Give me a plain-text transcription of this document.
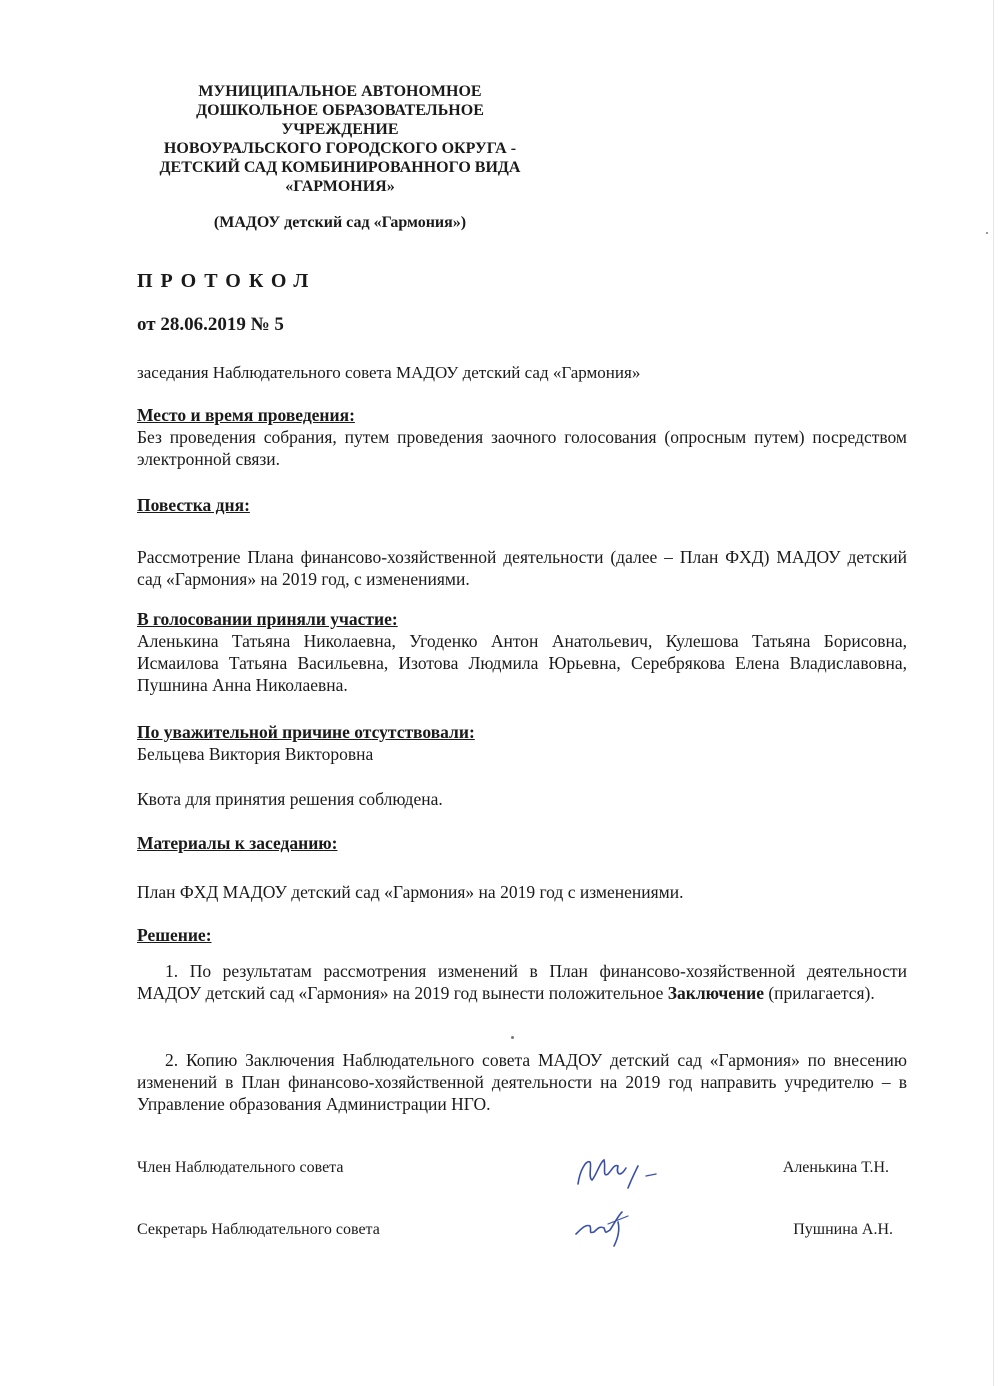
МУНИЦИПАЛЬНОЕ АВТОНОМНОЕ
ДОШКОЛЬНОЕ ОБРАЗОВАТЕЛЬНОЕ
УЧРЕЖДЕНИЕ
НОВОУРАЛЬСКОГО ГОРОДСКОГО ОКРУГА -
ДЕТСКИЙ САД КОМБИНИРОВАННОГО ВИДА
«ГАРМОНИЯ»
(МАДОУ детский сад «Гармония»)
ПРОТОКОЛ
от 28.06.2019 № 5
заседания Наблюдательного совета МАДОУ детский сад «Гармония»
Место и время проведения:
Без проведения собрания, путем проведения заочного голосования (опросным путем) посредством электронной связи.
Повестка дня:
Рассмотрение Плана финансово-хозяйственной деятельности (далее – План ФХД) МАДОУ детский сад «Гармония» на 2019 год, с изменениями.
В голосовании приняли участие:
Аленькина Татьяна Николаевна, Угоденко Антон Анатольевич, Кулешова Татьяна Борисовна, Исмаилова Татьяна Васильевна, Изотова Людмила Юрьевна, Серебрякова Елена Владиславовна, Пушнина Анна Николаевна.
По уважительной причине отсутствовали:
Бельцева Виктория Викторовна
Квота для принятия решения соблюдена.
Материалы к заседанию:
План ФХД МАДОУ детский сад «Гармония» на 2019 год с изменениями.
Решение:
1. По результатам рассмотрения изменений в План финансово-хозяйственной деятельности МАДОУ детский сад «Гармония» на 2019 год вынести положительное Заключение (прилагается).
2. Копию Заключения Наблюдательного совета МАДОУ детский сад «Гармония» по внесению изменений в План финансово-хозяйственной деятельности на 2019 год направить учредителю – в Управление образования Администрации НГО.
Член Наблюдательного совета	Аленькина Т.Н.
Секретарь Наблюдательного совета	Пушнина А.Н.
